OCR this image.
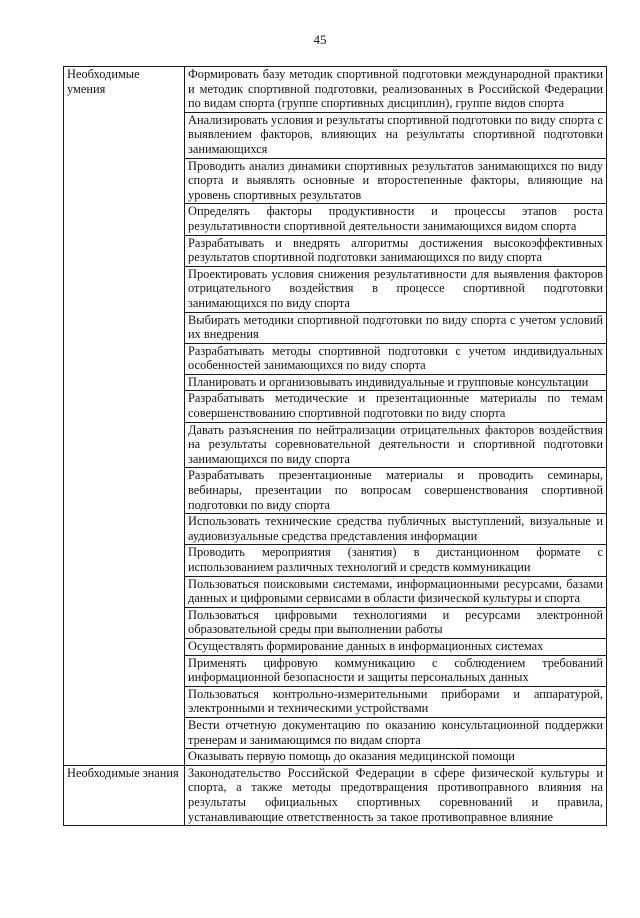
45
Необходимые умения	Формировать базу методик спортивной подготовки международной практики и методик спортивной подготовки, реализованных в Российской Федерации по видам спорта (группе спортивных дисциплин), группе видов спорта
	Анализировать условия и результаты спортивной подготовки по виду спорта с выявлением факторов, влияющих на результаты спортивной подготовки занимающихся
	Проводить анализ динамики спортивных результатов занимающихся по виду спорта и выявлять основные и второстепенные факторы, влияющие на уровень спортивных результатов
	Определять факторы продуктивности и процессы этапов роста результативности спортивной деятельности занимающихся видом спорта
	Разрабатывать и внедрять алгоритмы достижения высокоэффективных результатов спортивной подготовки занимающихся по виду спорта
	Проектировать условия снижения результативности для выявления факторов отрицательного воздействия в процессе спортивной подготовки занимающихся по виду спорта
	Выбирать методики спортивной подготовки по виду спорта с учетом условий их внедрения
	Разрабатывать методы спортивной подготовки с учетом индивидуальных особенностей занимающихся по виду спорта
	Планировать и организовывать индивидуальные и групповые консультации
	Разрабатывать методические и презентационные материалы по темам совершенствованию спортивной подготовки по виду спорта
	Давать разъяснения по нейтрализации отрицательных факторов воздействия на результаты соревновательной деятельности и спортивной подготовки занимающихся по виду спорта
	Разрабатывать презентационные материалы и проводить семинары, вебинары, презентации по вопросам совершенствования спортивной подготовки по виду спорта
	Использовать технические средства публичных выступлений, визуальные и аудиовизуальные средства представления информации
	Проводить мероприятия (занятия) в дистанционном формате с использованием различных технологий и средств коммуникации
	Пользоваться поисковыми системами, информационными ресурсами, базами данных и цифровыми сервисами в области физической культуры и спорта
	Пользоваться цифровыми технологиями и ресурсами электронной образовательной среды при выполнении работы
	Осуществлять формирование данных в информационных системах
	Применять цифровую коммуникацию с соблюдением требований информационной безопасности и защиты персональных данных
	Пользоваться контрольно-измерительными приборами и аппаратурой, электронными и техническими устройствами
	Вести отчетную документацию по оказанию консультационной поддержки тренерам и занимающимся по видам спорта
	Оказывать первую помощь до оказания медицинской помощи
Необходимые знания	Законодательство Российской Федерации в сфере физической культуры и спорта, а также методы предотвращения противоправного влияния на результаты официальных спортивных соревнований и правила, устанавливающие ответственность за такое противоправное влияние
